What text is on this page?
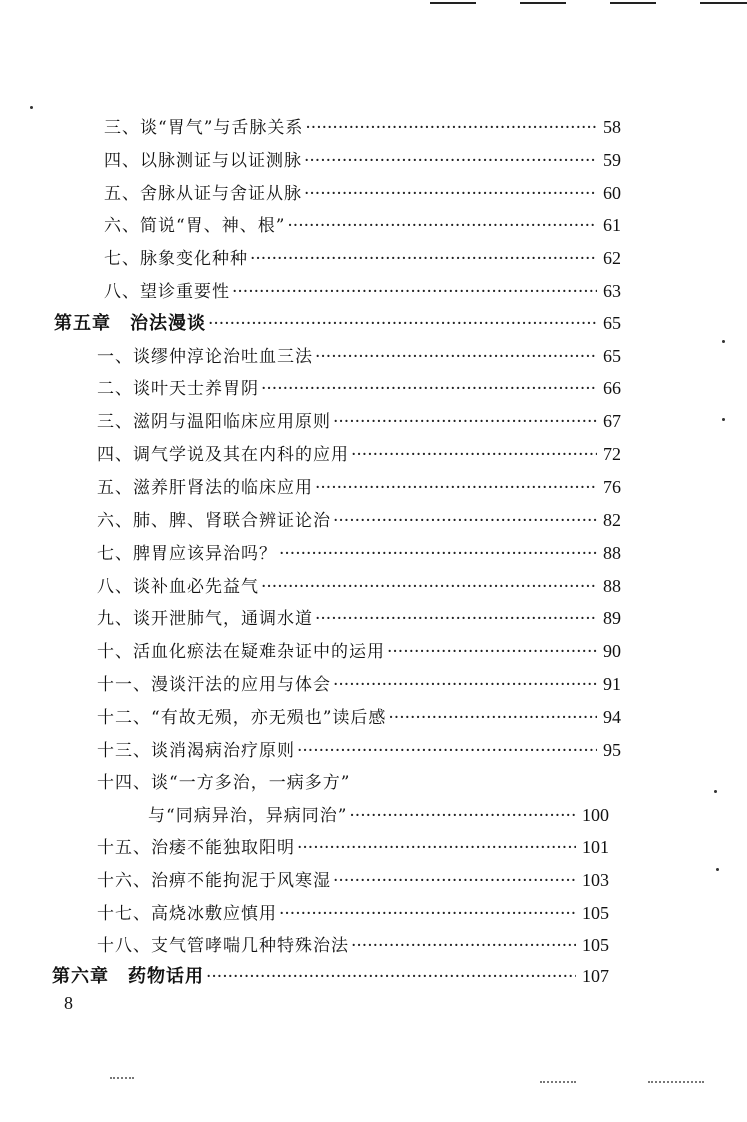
三、谈“胃气”与舌脉关系 ·····	58
四、以脉测证与以证测脉 ·····	59
五、舍脉从证与舍证从脉 ·····	60
六、简说“胃、神、根” ·····	61
七、脉象变化种种 ·····	62
八、望诊重要性 ·····	63
第五章　治法漫谈 ·····	65
一、谈缪仲淳论治吐血三法 ·····	65
二、谈叶天士养胃阴 ·····	66
三、滋阴与温阳临床应用原则 ·····	67
四、调气学说及其在内科的应用 ·····	72
五、滋养肝肾法的临床应用 ·····	76
六、肺、脾、肾联合辨证论治 ·····	82
七、脾胃应该异治吗？ ·····	88
八、谈补血必先益气 ·····	88
九、谈开泄肺气，通调水道 ·····	89
十、活血化瘀法在疑难杂证中的运用 ·····	90
十一、漫谈汗法的应用与体会 ·····	91
十二、“有故无殒，亦无殒也”读后感 ·····	94
十三、谈消渴病治疗原则 ·····	95
十四、谈“一方多治，一病多方”
与“同病异治，异病同治” ·····	100
十五、治痿不能独取阳明 ·····	101
十六、治痹不能拘泥于风寒湿 ·····	103
十七、高烧冰敷应慎用 ·····	105
十八、支气管哮喘几种特殊治法 ·····	105
第六章　药物话用 ·····	107
8
